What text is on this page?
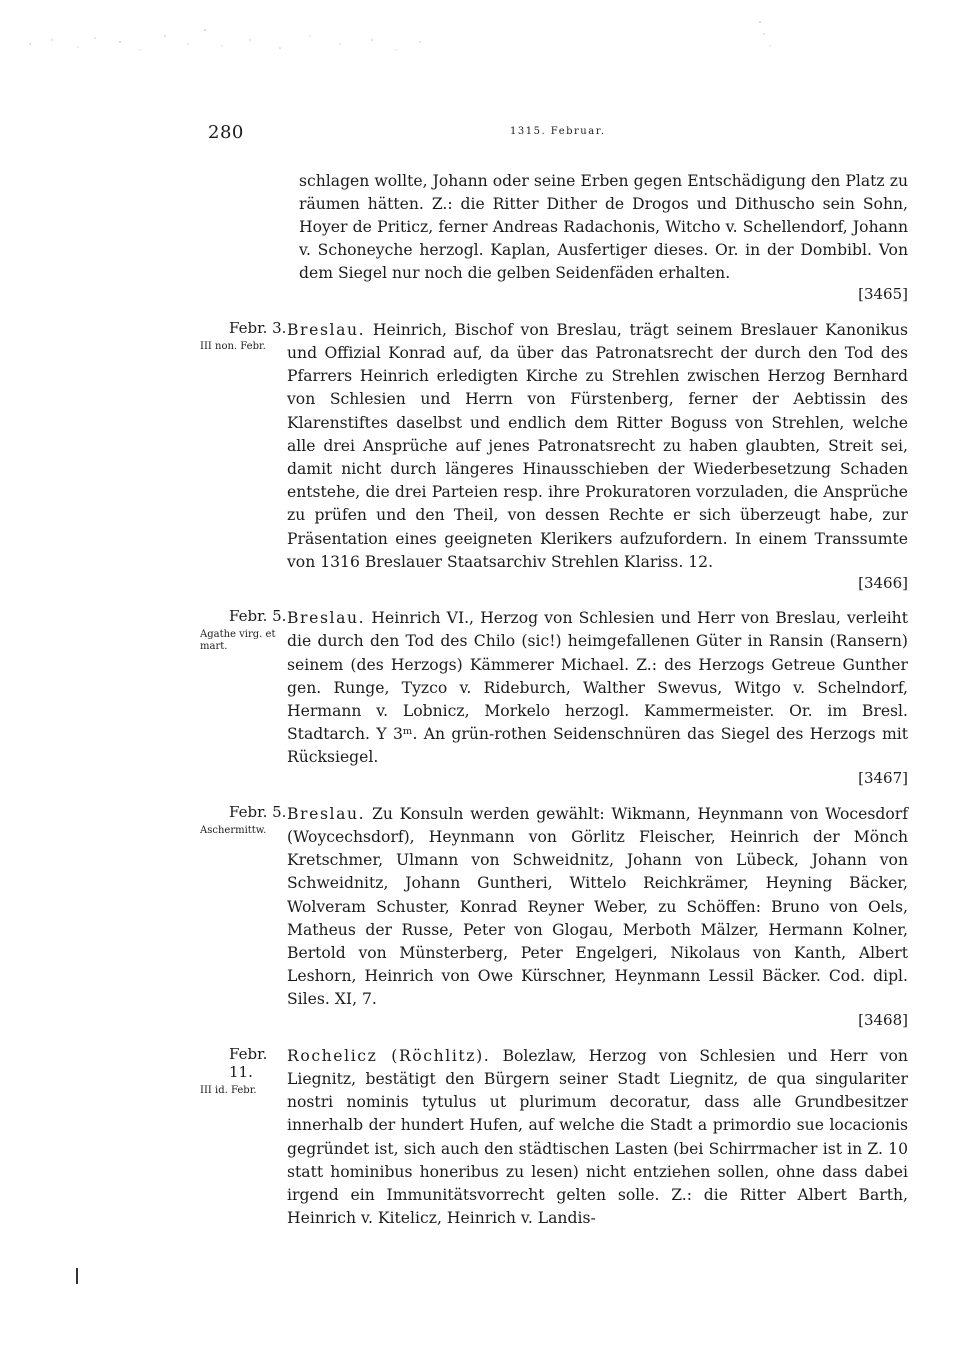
280	1315. Februar.

schlagen wollte, Johann oder seine Erben gegen Entschädigung den Platz zu räumen hätten. Z.: die Ritter Dither de Drogos und Dithuscho sein Sohn, Hoyer de Priticz, ferner Andreas Radachonis, Witcho v. Schellendorf, Johann v. Schoneyche herzogl. Kaplan, Ausfertiger dieses. Or. in der Dombibl. Von dem Siegel nur noch die gelben Seidenfäden erhalten.

[3465]
Febr. 3.
III non. Febr.

Breslau. Heinrich, Bischof von Breslau, trägt seinem Breslauer Kanonikus und Offizial Konrad auf, da über das Patronatsrecht der durch den Tod des Pfarrers Heinrich erledigten Kirche zu Strehlen zwischen Herzog Bernhard von Schlesien und Herrn von Fürstenberg, ferner der Aebtissin des Klarenstiftes daselbst und endlich dem Ritter Boguss von Strehlen, welche alle drei Ansprüche auf jenes Patronatsrecht zu haben glaubten, Streit sei, damit nicht durch längeres Hinausschieben der Wiederbesetzung Schaden entstehe, die drei Parteien resp. ihre Prokuratoren vorzuladen, die Ansprüche zu prüfen und den Theil, von dessen Rechte er sich überzeugt habe, zur Präsentation eines geeigneten Klerikers aufzufordern. In einem Transsumte von 1316 Breslauer Staatsarchiv Strehlen Klariss. 12.

[3466]
Febr. 5.
Agathe virg. et mart.

Breslau. Heinrich VI., Herzog von Schlesien und Herr von Breslau, verleiht die durch den Tod des Chilo (sic!) heimgefallenen Güter in Ransin (Ransern) seinem (des Herzogs) Kämmerer Michael. Z.: des Herzogs Getreue Gunther gen. Runge, Tyzco v. Rideburch, Walther Swevus, Witgo v. Schelndorf, Hermann v. Lobnicz, Morkelo herzogl. Kammermeister. Or. im Bresl. Stadtarch. Y 3ᵐ. An grün-rothen Seidenschnüren das Siegel des Herzogs mit Rücksiegel.

[3467]
Febr. 5.
Aschermittw.

Breslau. Zu Konsuln werden gewählt: Wikmann, Heynmann von Wocesdorf (Woycechsdorf), Heynmann von Görlitz Fleischer, Heinrich der Mönch Kretschmer, Ulmann von Schweidnitz, Johann von Lübeck, Johann von Schweidnitz, Johann Guntheri, Wittelo Reichkrämer, Heyning Bäcker, Wolveram Schuster, Konrad Reyner Weber, zu Schöffen: Bruno von Oels, Matheus der Russe, Peter von Glogau, Merboth Mälzer, Hermann Kolner, Bertold von Münsterberg, Peter Engelgeri, Nikolaus von Kanth, Albert Leshorn, Heinrich von Owe Kürschner, Heynmann Lessil Bäcker. Cod. dipl. Siles. XI, 7.

[3468]
Febr. 11.
III id. Febr.

Rochelicz (Röchlitz). Bolezlaw, Herzog von Schlesien und Herr von Liegnitz, bestätigt den Bürgern seiner Stadt Liegnitz, de qua singulariter nostri nominis tytulus ut plurimum decoratur, dass alle Grundbesitzer innerhalb der hundert Hufen, auf welche die Stadt a primordio sue locacionis gegründet ist, sich auch den städtischen Lasten (bei Schirrmacher ist in Z. 10 statt hominibus honeribus zu lesen) nicht entziehen sollen, ohne dass dabei irgend ein Immunitätsvorrecht gelten solle. Z.: die Ritter Albert Barth, Heinrich v. Kitelicz, Heinrich v. Landis-
